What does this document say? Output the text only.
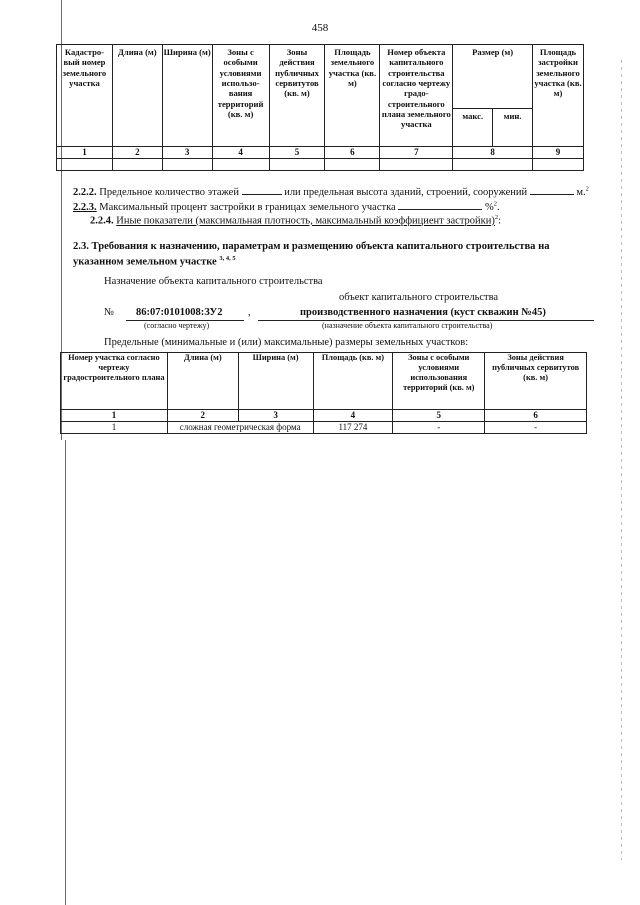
458
Кадастро-вый номер земельного участка	Длина (м)	Ширина (м)	Зоны с особыми условиями использо-вания территорий (кв. м)	Зоны действия публичных сервитутов (кв. м)	Площадь земельного участка (кв. м)	Номер объекта капитального строительства согласно чертежу градо-строительного плана земельного участка	Размер (м)		Площадь застройки земельного участка (кв. м)
							макс.	мин.	
1	2	3	4	5	6	7	8		9

2.2.2. Предельное количество этажей	или предельная высота зданий, строений, сооружений	м.$^2$
2.2.3. Максимальный процент застройки в границах земельного участка	%$^2$.
2.2.4. Иные показатели (максимальная плотность, максимальный коэффициент застройки)$^2$:
2.3. Требования к назначению, параметрам и размещению объекта капитального строительства на
указанном земельном участке $^{3, 4, 5}$
Назначение объекта капитального строительства
объект капитального строительства
№ 86:07:0101008:ЗУ2 ,	производственного назначения (куст скважин №45)
(согласно чертежу)	(назначение объекта капитального строительства)
Предельные (минимальные и (или) максимальные) размеры земельных участков:
Номер участка согласно чертежу градостроительного плана	Длина (м)	Ширина (м)	Площадь (кв. м)	Зоны с особыми условиями использования территорий (кв. м)	Зоны действия публичных сервитутов (кв. м)
1	2	3	4	5	6
1	сложная геометрическая форма		117 274	-	-
